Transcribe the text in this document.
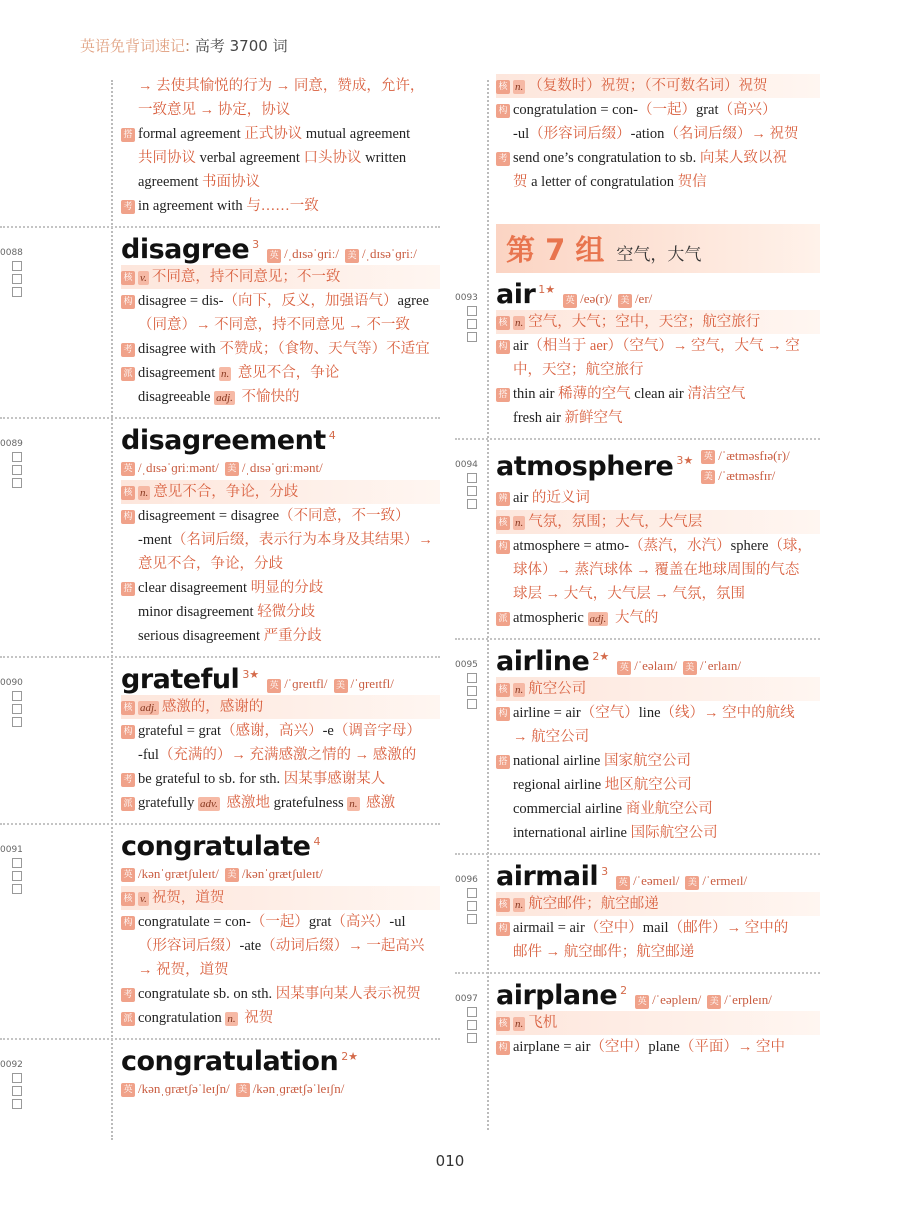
英语免背词速记: 高考 3700 词
→ 去使其愉悦的行为 → 同意，赞成，允许，
一致意见 → 协定，协议
搭 formal agreement 正式协议 mutual agreement
共同协议 verbal agreement 口头协议 written
agreement 书面协议
考 in agreement with 与……一致
0088	disagree 3
英 /ˌdɪsəˈɡriː/ 美 /ˌdɪsəˈɡriː/
核 v. 不同意，持不同意见；不一致
构 disagree = dis-（向下，反义，加强语气）agree
（同意）→ 不同意，持不同意见 → 不一致
考 disagree with 不赞成；（食物、天气等）不适宜
派 disagreement n. 意见不合，争论
disagreeable adj. 不愉快的
0089	disagreement 4
英 /ˌdɪsəˈɡriːmənt/ 美 /ˌdɪsəˈɡriːmənt/
核 n. 意见不合，争论，分歧
构 disagreement = disagree（不同意，不一致）
-ment（名词后缀，表示行为本身及其结果）→
意见不合，争论，分歧
搭 clear disagreement 明显的分歧
minor disagreement 轻微分歧
serious disagreement 严重分歧
0090	grateful 3★
英 /ˈɡreɪtfl/ 美 /ˈɡreɪtfl/
核 adj. 感激的，感谢的
构 grateful = grat（感谢，高兴）-e（调音字母）
-ful（充满的）→ 充满感激之情的 → 感激的
考 be grateful to sb. for sth. 因某事感谢某人
派 gratefully adv. 感激地 gratefulness n. 感激
0091	congratulate 4
英 /kənˈɡrætʃuleɪt/ 美 /kənˈɡrætʃuleɪt/
核 v. 祝贺，道贺
构 congratulate = con-（一起）grat（高兴）-ul
（形容词后缀）-ate（动词后缀）→ 一起高兴
→ 祝贺，道贺
考 congratulate sb. on sth. 因某事向某人表示祝贺
派 congratulation n. 祝贺
0092	congratulation 2★
英 /kənˌɡrætʃəˈleɪʃn/ 美 /kənˌɡrætʃəˈleɪʃn/
核 n. （复数时）祝贺；（不可数名词）祝贺
构 congratulation = con-（一起）grat（高兴）
-ul（形容词后缀）-ation（名词后缀）→ 祝贺
考 send one’s congratulation to sb. 向某人致以祝
贺 a letter of congratulation 贺信
第 7 组 空气，大气
0093 air 1★
英 /eə(r)/ 美 /er/
核 n. 空气，大气；空中，天空；航空旅行
构 air（相当于 aer）（空气）→ 空气，大气 → 空
中，天空；航空旅行
搭 thin air 稀薄的空气 clean air 清洁空气
fresh air 新鲜空气
0094 atmosphere 3★ 英 /ˈætməsfɪə(r)/
美 /ˈætməsfɪr/
辨 air 的近义词
核 n. 气氛，氛围；大气，大气层
构 atmosphere = atmo-（蒸汽，水汽）sphere（球，
球体）→ 蒸汽球体 → 覆盖在地球周围的气态
球层 → 大气，大气层 → 气氛，氛围
派 atmospheric adj. 大气的
0095 airline 2★
英 /ˈeəlaɪn/ 美 /ˈerlaɪn/
核 n. 航空公司
构 airline = air（空气）line（线）→ 空中的航线
→ 航空公司
搭 national airline 国家航空公司
regional airline 地区航空公司
commercial airline 商业航空公司
international airline 国际航空公司
0096 airmail 3
英 /ˈeəmeɪl/ 美 /ˈermeɪl/
核 n. 航空邮件；航空邮递
构 airmail = air（空中）mail（邮件）→ 空中的
邮件 → 航空邮件；航空邮递
0097 airplane 2
英 /ˈeəpleɪn/ 美 /ˈerpleɪn/
核 n. 飞机
构 airplane = air（空中）plane（平面）→ 空中
010
